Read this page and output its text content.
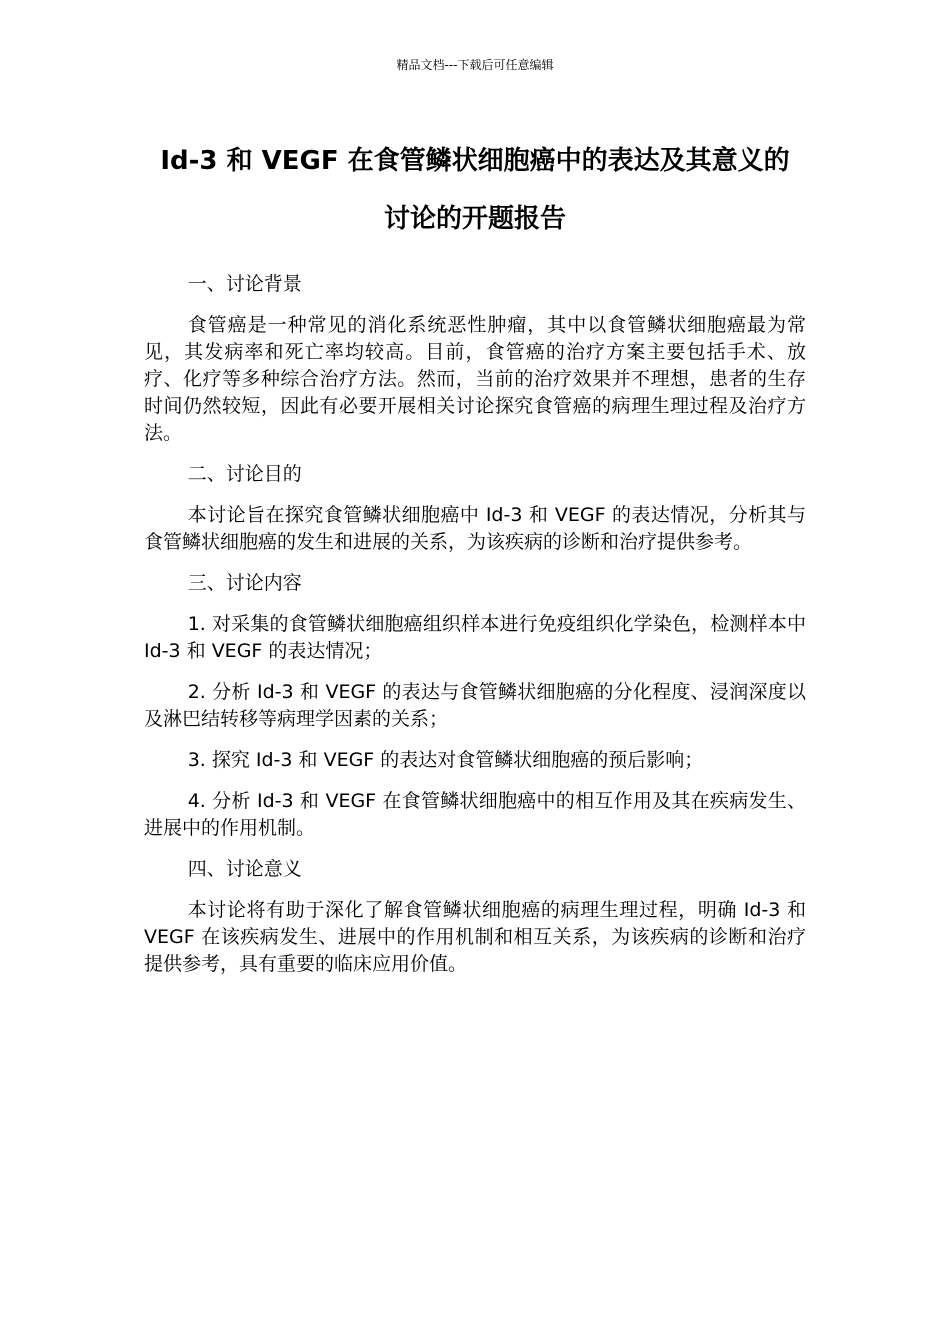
精品文档---下载后可任意编辑
Id-3 和 VEGF 在食管鳞状细胞癌中的表达及其意义的
讨论的开题报告

一、讨论背景

食管癌是一种常见的消化系统恶性肿瘤，其中以食管鳞状细胞癌最为常见，其发病率和死亡率均较高。目前，食管癌的治疗方案主要包括手术、放疗、化疗等多种综合治疗方法。然而，当前的治疗效果并不理想，患者的生存时间仍然较短，因此有必要开展相关讨论探究食管癌的病理生理过程及治疗方法。

二、讨论目的

本讨论旨在探究食管鳞状细胞癌中 Id-3 和 VEGF 的表达情况，分析其与食管鳞状细胞癌的发生和进展的关系，为该疾病的诊断和治疗提供参考。

三、讨论内容

1. 对采集的食管鳞状细胞癌组织样本进行免疫组织化学染色，检测样本中 Id-3 和 VEGF 的表达情况；

2. 分析 Id-3 和 VEGF 的表达与食管鳞状细胞癌的分化程度、浸润深度以及淋巴结转移等病理学因素的关系；

3. 探究 Id-3 和 VEGF 的表达对食管鳞状细胞癌的预后影响；

4. 分析 Id-3 和 VEGF 在食管鳞状细胞癌中的相互作用及其在疾病发生、进展中的作用机制。

四、讨论意义

本讨论将有助于深化了解食管鳞状细胞癌的病理生理过程，明确 Id-3 和 VEGF 在该疾病发生、进展中的作用机制和相互关系，为该疾病的诊断和治疗提供参考，具有重要的临床应用价值。
